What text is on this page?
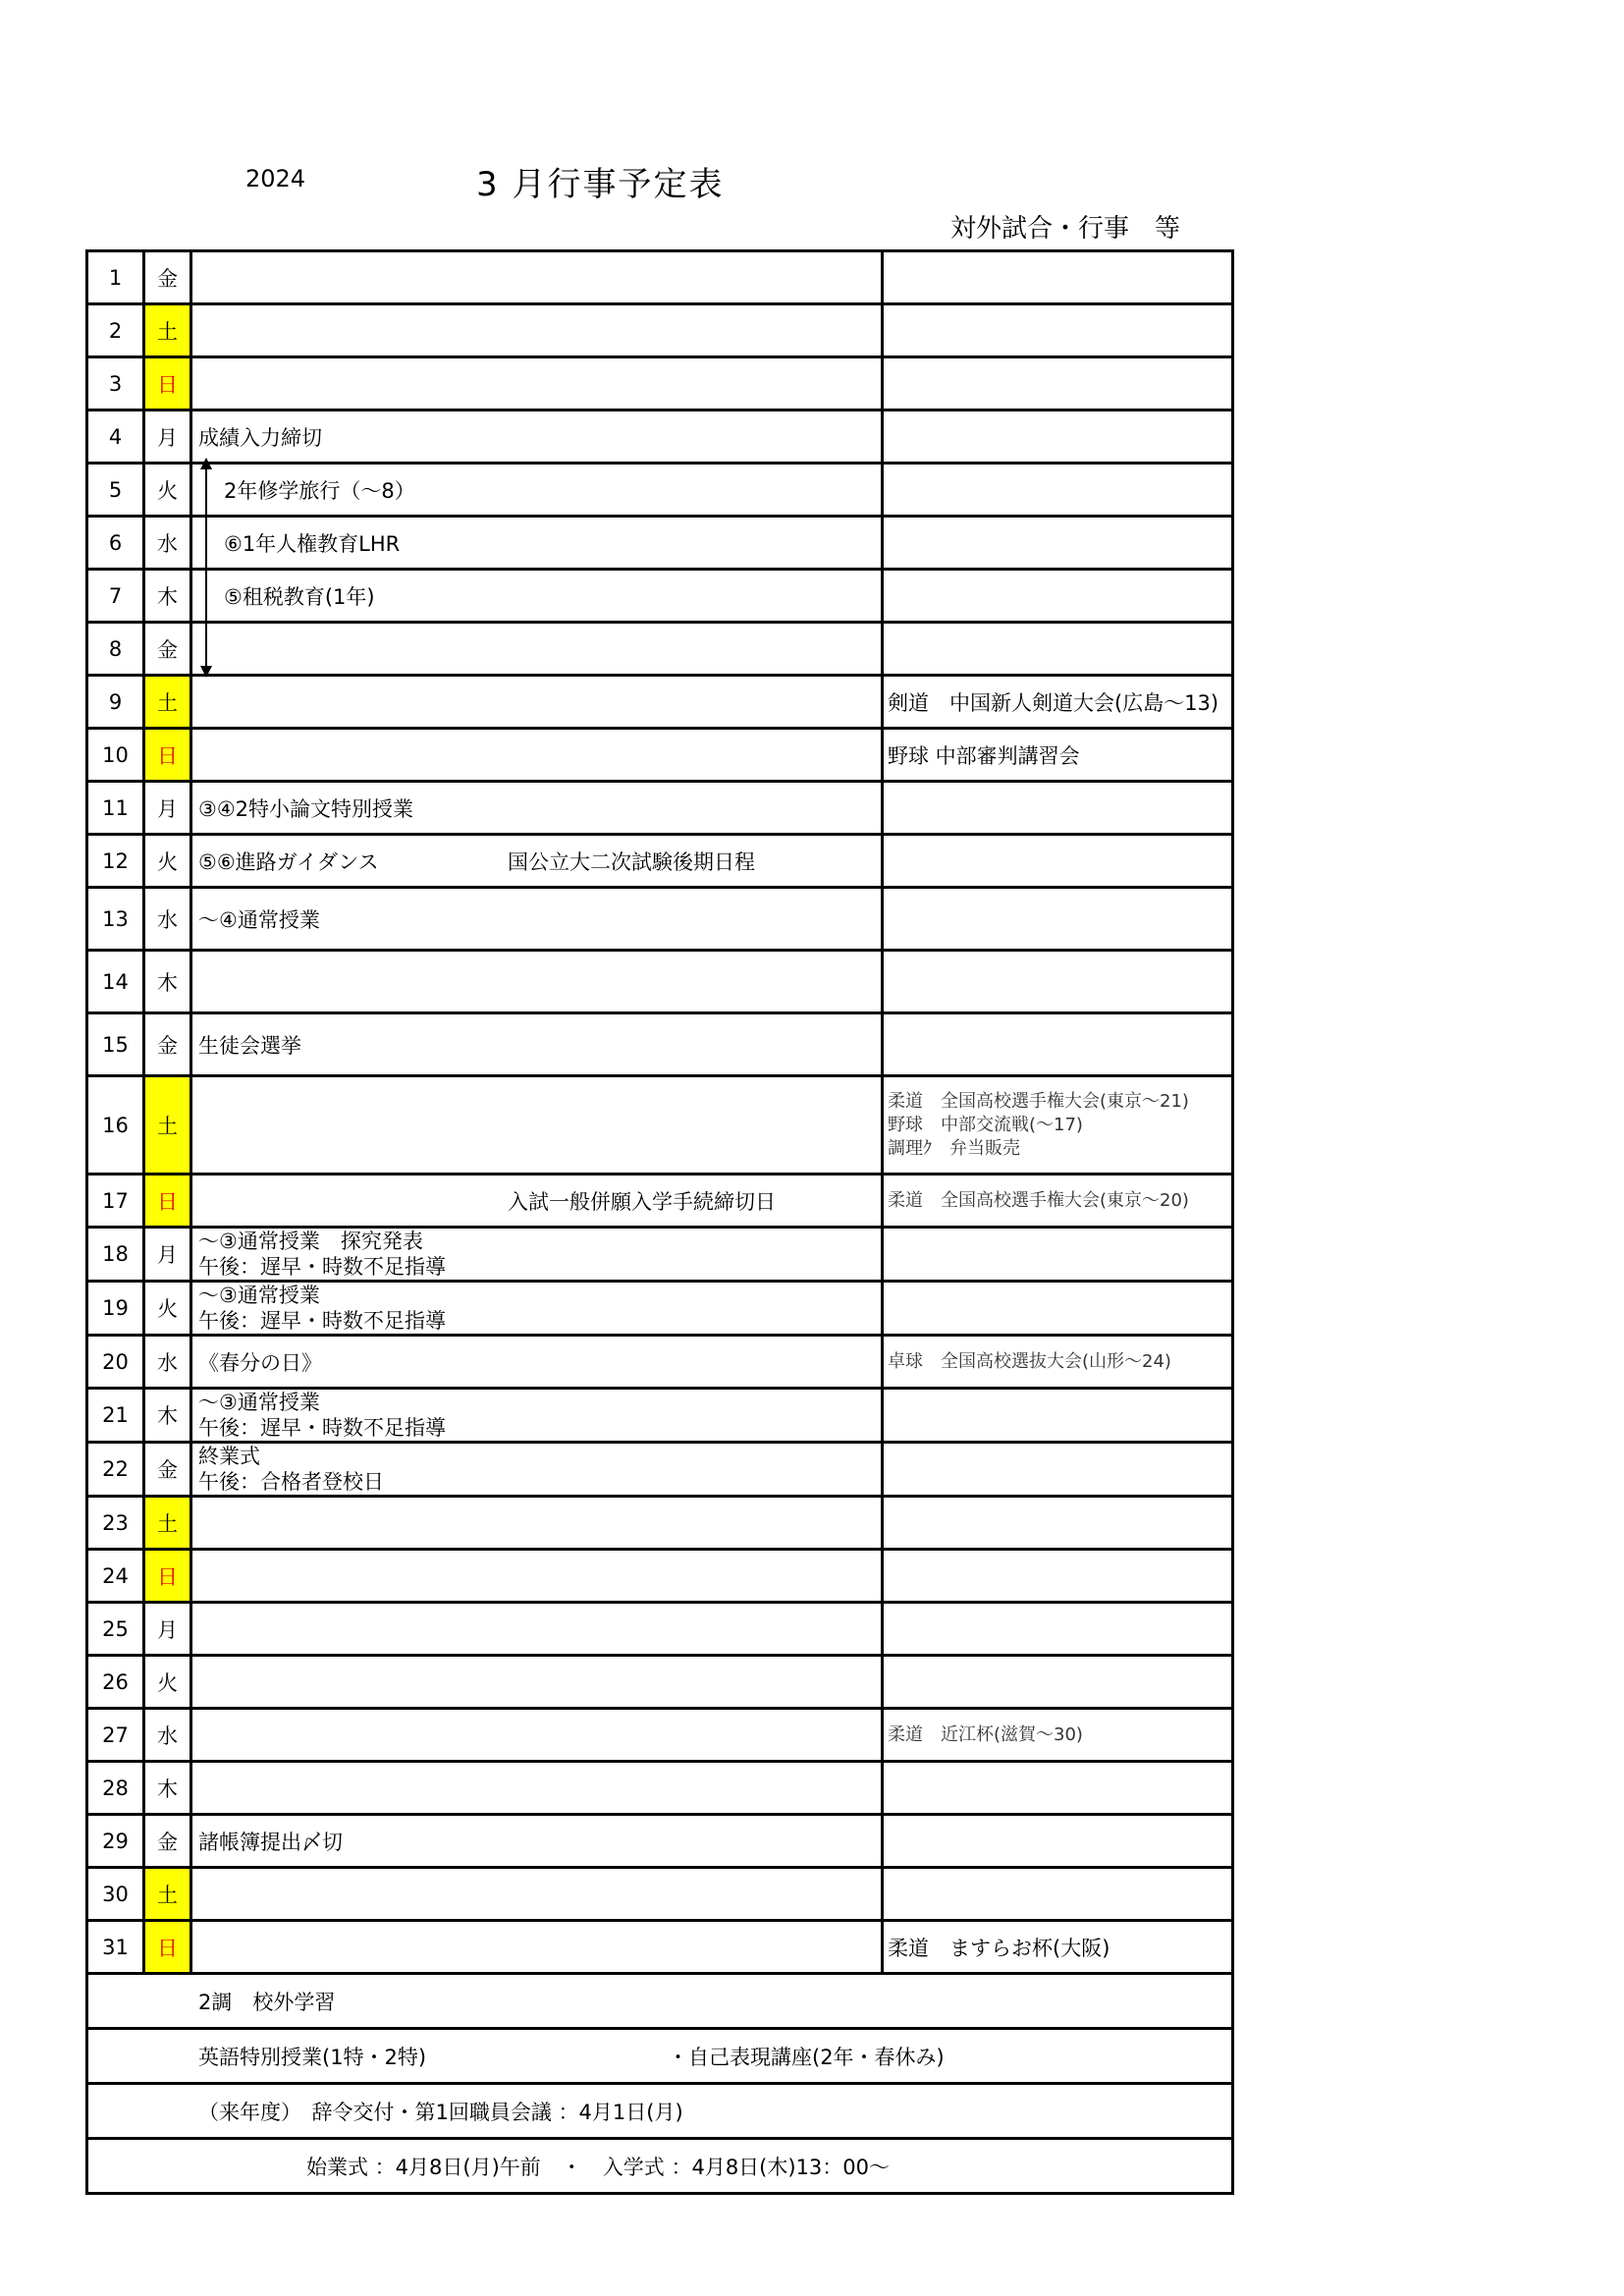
2024	3 月行事予定表
対外試合・行事　等
1	金	

2	土	

3	日	

4	月	成績入力締切	

5	火	2年修学旅行（～8）	

6	水	⑥1年人権教育LHR	

7	木	⑤租税教育(1年)	

8	金	

9	土		剣道　中国新人剣道大会(広島～13)

10	日		野球 中部審判講習会

11	月	③④2特小論文特別授業	

12	火	⑤⑥進路ガイダンス 国公立大二次試験後期日程	

13	水	～④通常授業	

14	木	

15	金	生徒会選挙	

16	土		柔道　全国高校選手権大会(東京～21)
野球　中部交流戦(～17)
調理ｸ　弁当販売

17	日	入試一般併願入学手続締切日	柔道　全国高校選手権大会(東京～20)

18	月	～③通常授業　探究発表
午後：遅早・時数不足指導	

19	火	～③通常授業
午後：遅早・時数不足指導	

20	水	《春分の日》	卓球　全国高校選抜大会(山形～24)

21	木	～③通常授業
午後：遅早・時数不足指導	

22	金	終業式
午後：合格者登校日	

23	土	

24	日	

25	月	

26	火	

27	水		柔道　近江杯(滋賀～30)

28	木	

29	金	諸帳簿提出〆切	

30	土	

31	日		柔道　ますらお杯(大阪)

2調　校外学習			

英語特別授業(1特・2特) ・自己表現講座(2年・春休み)			

（来年度）　辞令交付・第1回職員会議 ：4月1日(月)			

始業式 ：4月8日(月)午前　・　入学式 ：4月8日(木)13：00～			
